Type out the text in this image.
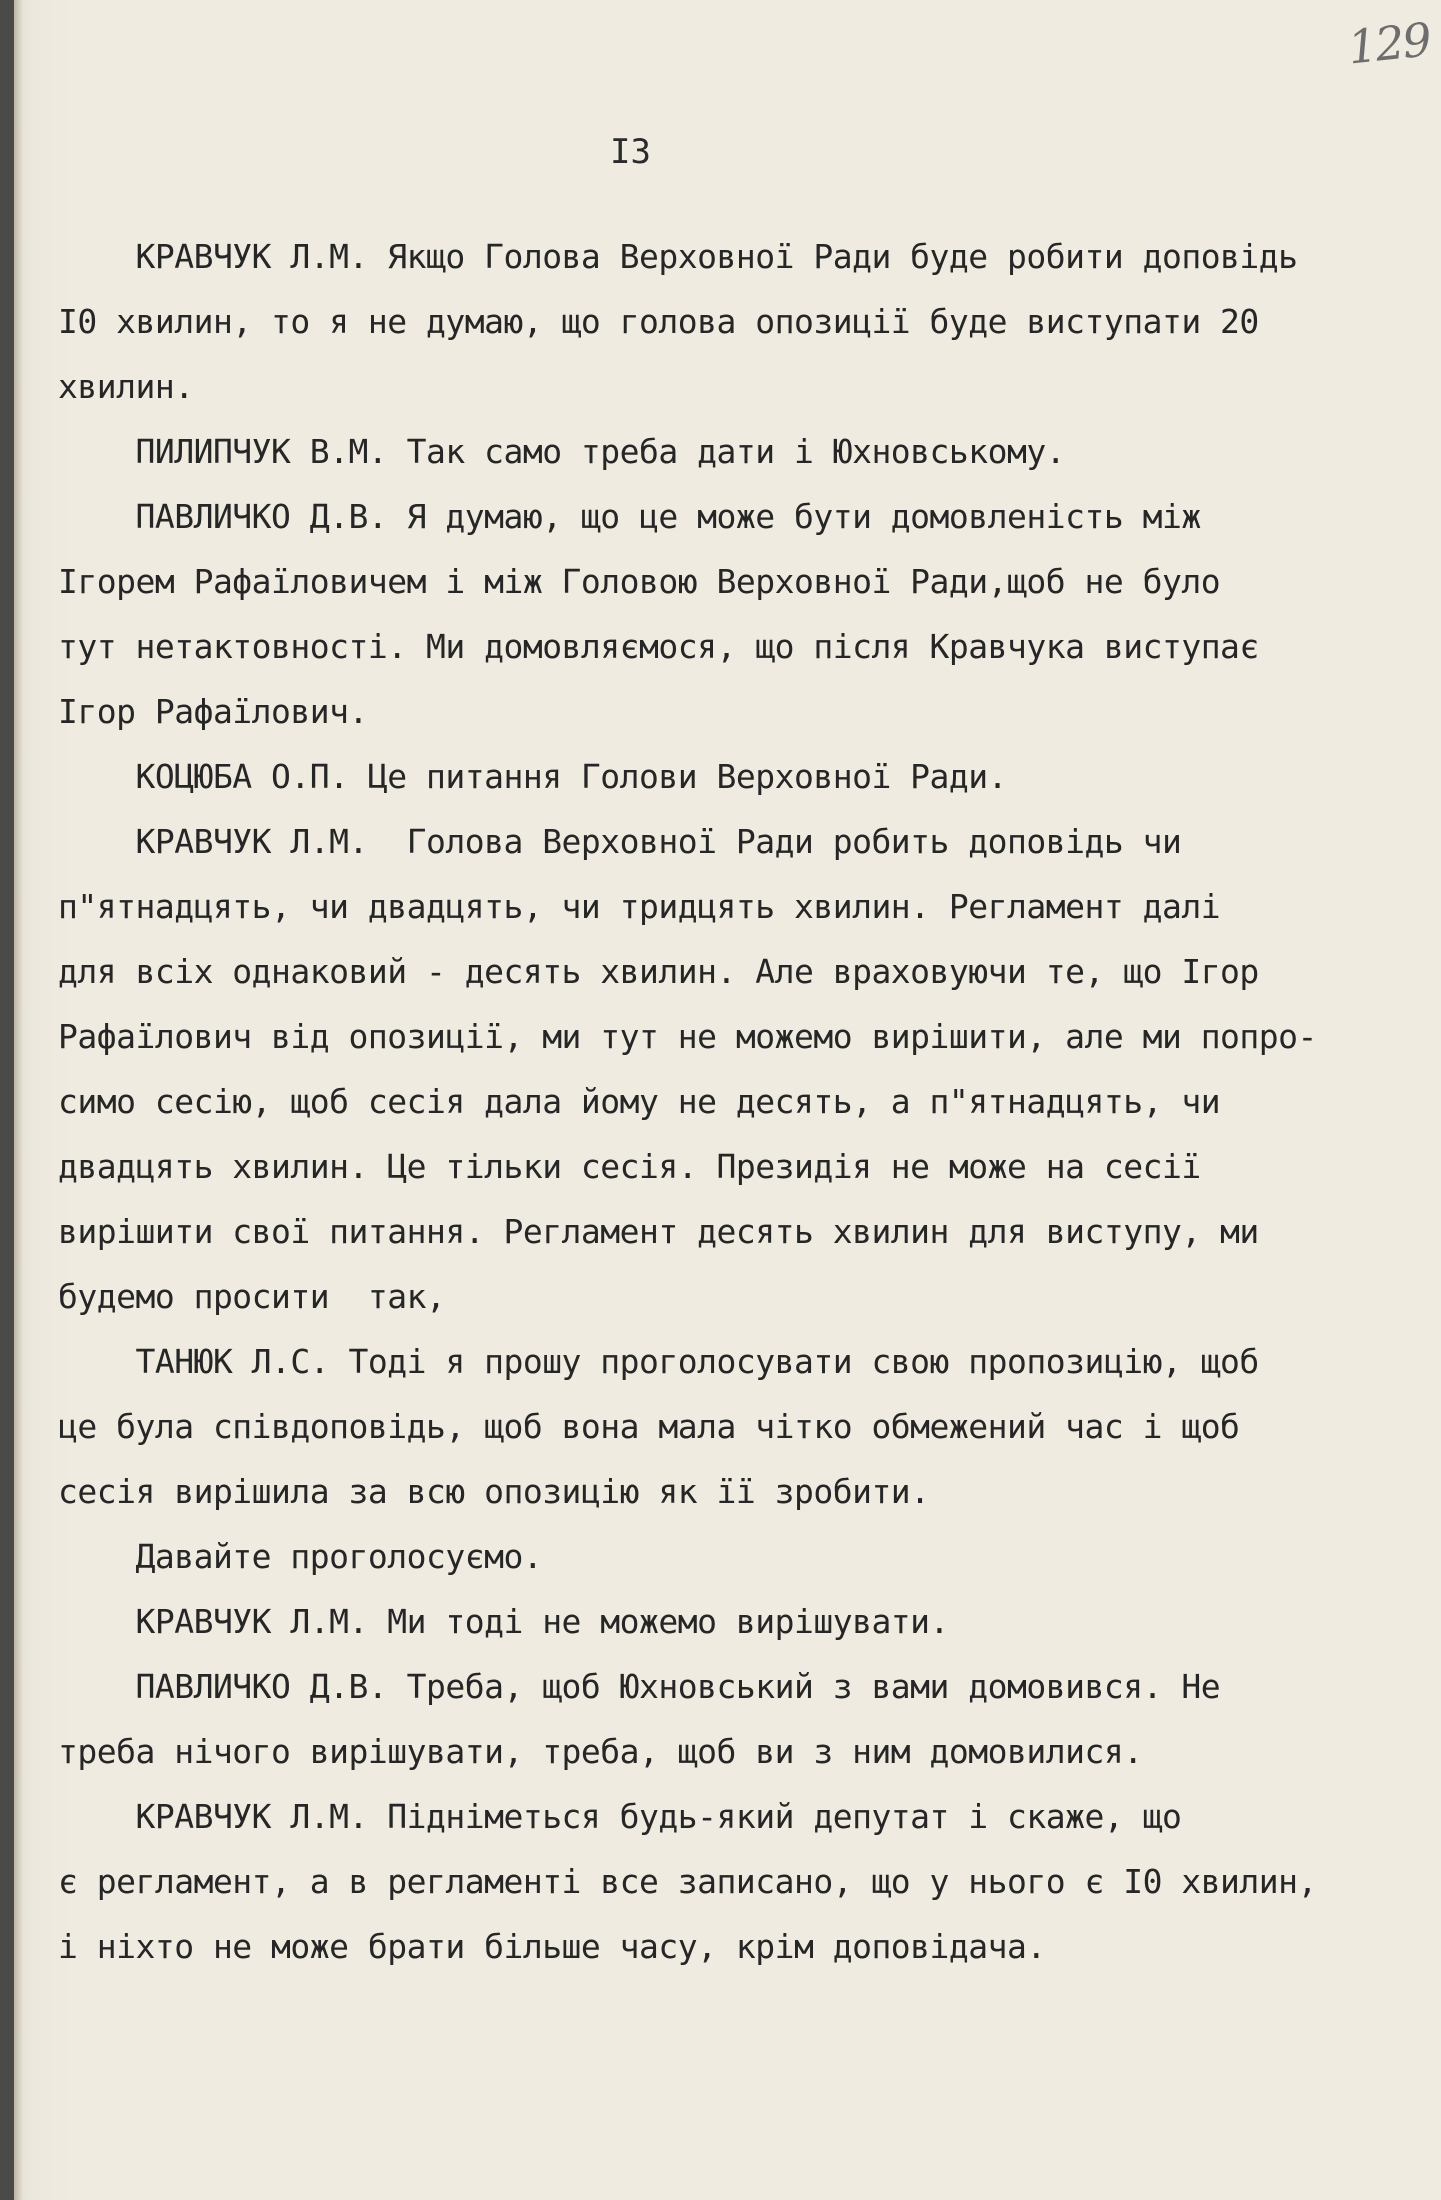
129
I3
КРАВЧУК Л.М. Якщо Голова Верховної Ради буде робити доповідь
I0 хвилин, то я не думаю, що голова опозиції буде виступати 20
хвилин.
ПИЛИПЧУК В.М. Так само треба дати і Юхновському.
ПАВЛИЧКО Д.В. Я думаю, що це може бути домовленість між
Ігорем Рафаїловичем і між Головою Верховної Ради,щоб не було
тут нетактовності. Ми домовляємося, що після Кравчука виступає
Ігор Рафаїлович.
КОЦЮБА О.П. Це питання Голови Верховної Ради.
КРАВЧУК Л.М.  Голова Верховної Ради робить доповідь чи
п"ятнадцять, чи двадцять, чи тридцять хвилин. Регламент далі
для всіх однаковий - десять хвилин. Але враховуючи те, що Ігор
Рафаїлович від опозиції, ми тут не можемо вирішити, але ми попро-
симо сесію, щоб сесія дала йому не десять, а п"ятнадцять, чи
двадцять хвилин. Це тільки сесія. Президія не може на сесії
вирішити свої питання. Регламент десять хвилин для виступу, ми
будемо просити  так,
ТАНЮК Л.С. Тоді я прошу проголосувати свою пропозицію, щоб
це була співдоповідь, щоб вона мала чітко обмежений час і щоб
сесія вирішила за всю опозицію як її зробити.
Давайте проголосуємо.
КРАВЧУК Л.М. Ми тоді не можемо вирішувати.
ПАВЛИЧКО Д.В. Треба, щоб Юхновський з вами домовився. Не
треба нічого вирішувати, треба, щоб ви з ним домовилися.
КРАВЧУК Л.М. Підніметься будь-який депутат і скаже, що
є регламент, а в регламенті все записано, що у нього є I0 хвилин,
і ніхто не може брати більше часу, крім доповідача.
